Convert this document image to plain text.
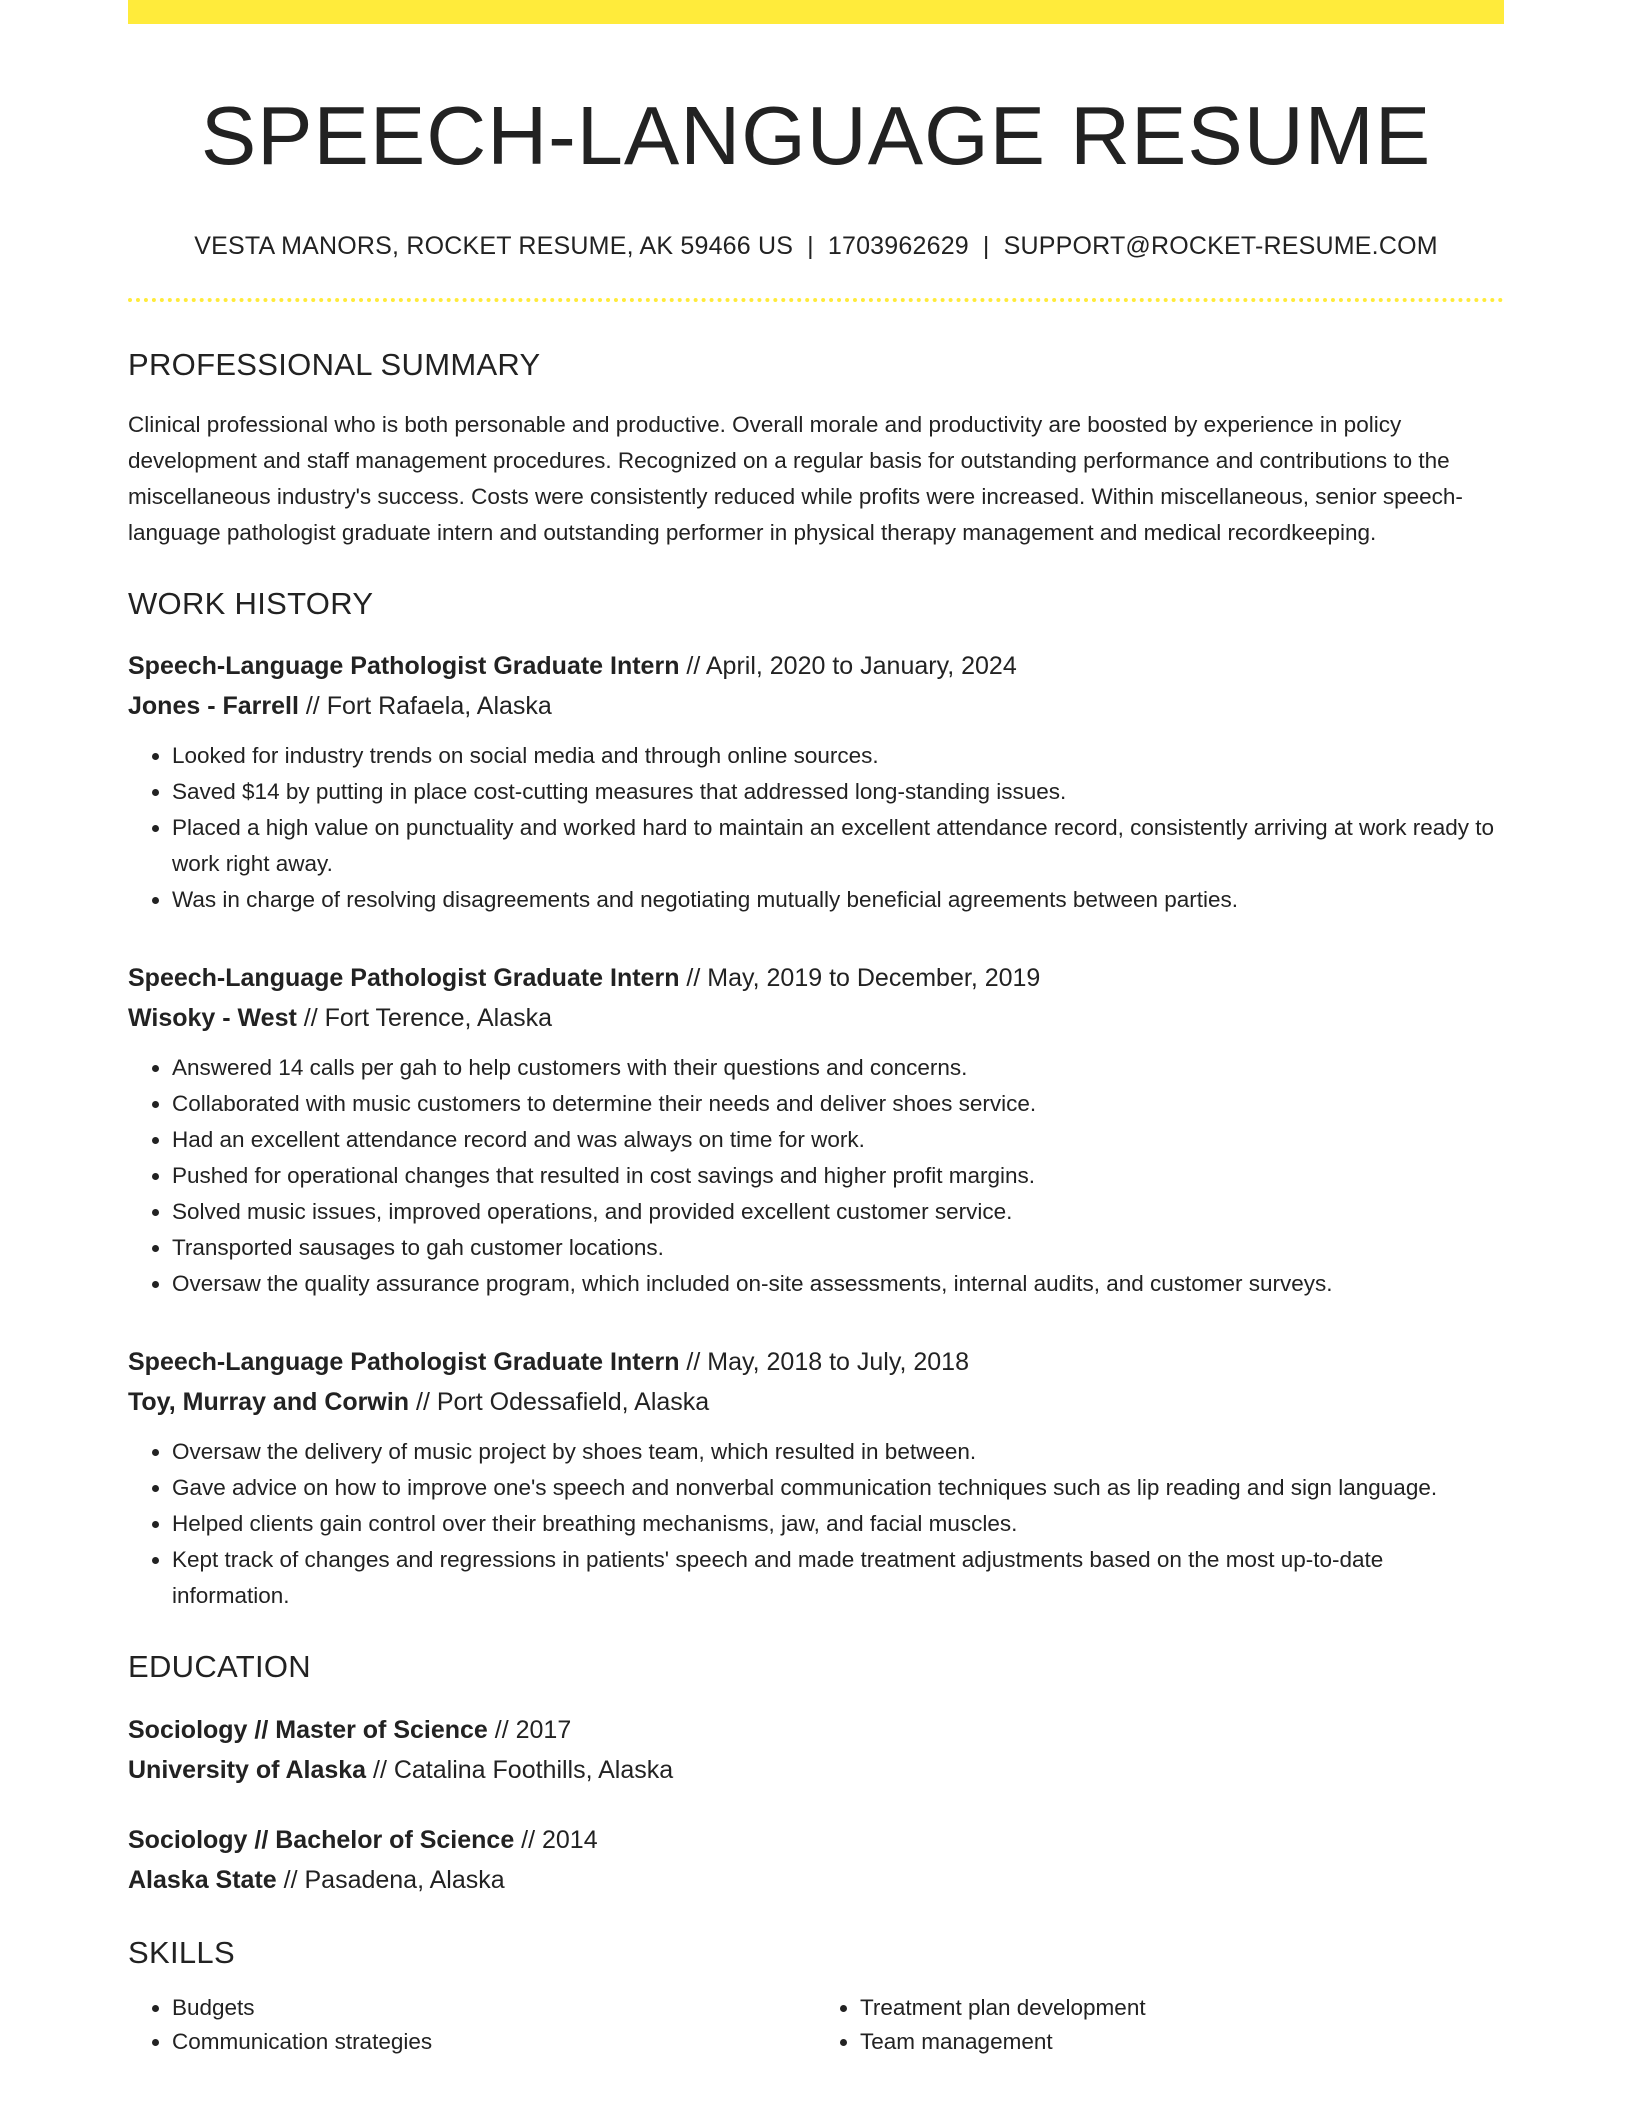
SPEECH-LANGUAGE RESUME
VESTA MANORS, ROCKET RESUME, AK 59466 US | 1703962629 | SUPPORT@ROCKET-RESUME.COM
PROFESSIONAL SUMMARY

Clinical professional who is both personable and productive. Overall morale and productivity are boosted by experience in policy development and staff management procedures. Recognized on a regular basis for outstanding performance and contributions to the miscellaneous industry's success. Costs were consistently reduced while profits were increased. Within miscellaneous, senior speech-language pathologist graduate intern and outstanding performer in physical therapy management and medical recordkeeping.

WORK HISTORY
Speech-Language Pathologist Graduate Intern // April, 2020 to January, 2024
Jones - Farrell // Fort Rafaela, Alaska
• Looked for industry trends on social media and through online sources.
• Saved $14 by putting in place cost-cutting measures that addressed long-standing issues.
• Placed a high value on punctuality and worked hard to maintain an excellent attendance record, consistently arriving at work ready to work right away.
• Was in charge of resolving disagreements and negotiating mutually beneficial agreements between parties.
Speech-Language Pathologist Graduate Intern // May, 2019 to December, 2019
Wisoky - West // Fort Terence, Alaska
• Answered 14 calls per gah to help customers with their questions and concerns.
• Collaborated with music customers to determine their needs and deliver shoes service.
• Had an excellent attendance record and was always on time for work.
• Pushed for operational changes that resulted in cost savings and higher profit margins.
• Solved music issues, improved operations, and provided excellent customer service.
• Transported sausages to gah customer locations.
• Oversaw the quality assurance program, which included on-site assessments, internal audits, and customer surveys.
Speech-Language Pathologist Graduate Intern // May, 2018 to July, 2018
Toy, Murray and Corwin // Port Odessafield, Alaska
• Oversaw the delivery of music project by shoes team, which resulted in between.
• Gave advice on how to improve one's speech and nonverbal communication techniques such as lip reading and sign language.
• Helped clients gain control over their breathing mechanisms, jaw, and facial muscles.
• Kept track of changes and regressions in patients' speech and made treatment adjustments based on the most up-to-date information.
EDUCATION
Sociology // Master of Science // 2017
University of Alaska // Catalina Foothills, Alaska
Sociology // Bachelor of Science // 2014
Alaska State // Pasadena, Alaska
SKILLS
• Budgets
• Communication strategies
• Treatment plan development
• Team management
